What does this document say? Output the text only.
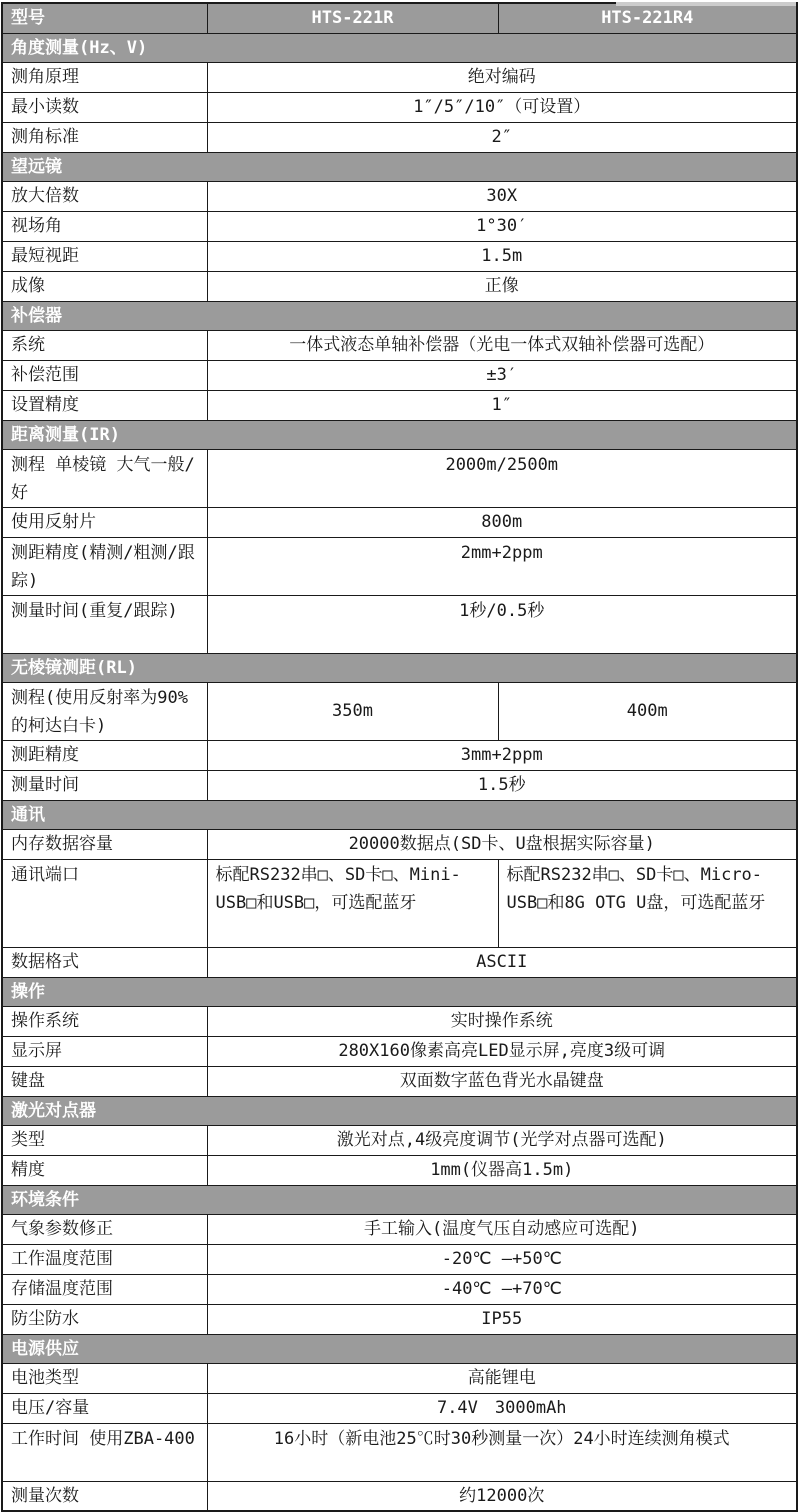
型号	HTS-221R	HTS-221R4
角度测量(Hz、V)		
测角原理	绝对编码	
最小读数	1″/5″/10″（可设置）	
测角标准	2″	
望远镜		
放大倍数	30X	
视场角	1°30′	
最短视距	1.5m	
成像	正像	
补偿器		
系统	一体式液态单轴补偿器（光电一体式双轴补偿器可选配）	
补偿范围	±3′	
设置精度	1″	
距离测量(IR)		
测程 单棱镜 大气一般/好	2000m/2500m	
使用反射片	800m	
测距精度(精测/粗测/跟踪)	2mm+2ppm	
测量时间(重复/跟踪)	1秒/0.5秒	
无棱镜测距(RL)		
测程(使用反射率为90%的柯达白卡)	350m	400m
测距精度	3mm+2ppm	
测量时间	1.5秒	
通讯		
内存数据容量	20000数据点(SD卡、U盘根据实际容量)	
通讯端口	标配RS232串□、SD卡□、Mini-USB□和USB□，可选配蓝牙	标配RS232串□、SD卡□、Micro-USB□和8G OTG U盘，可选配蓝牙
数据格式	ASCII	
操作		
操作系统	实时操作系统	
显示屏	280X160像素高亮LED显示屏,亮度3级可调	
键盘	双面数字蓝色背光水晶键盘	
激光对点器		
类型	激光对点,4级亮度调节(光学对点器可选配)	
精度	1mm(仪器高1.5m)	
环境条件		
气象参数修正	手工输入(温度气压自动感应可选配)	
工作温度范围	-20℃ —+50℃	
存储温度范围	-40℃ —+70℃	
防尘防水	IP55	
电源供应		
电池类型	高能锂电	
电压/容量	7.4V　3000mAh	
工作时间 使用ZBA-400	16小时（新电池25℃时30秒测量一次）24小时连续测角模式	
测量次数	约12000次	
